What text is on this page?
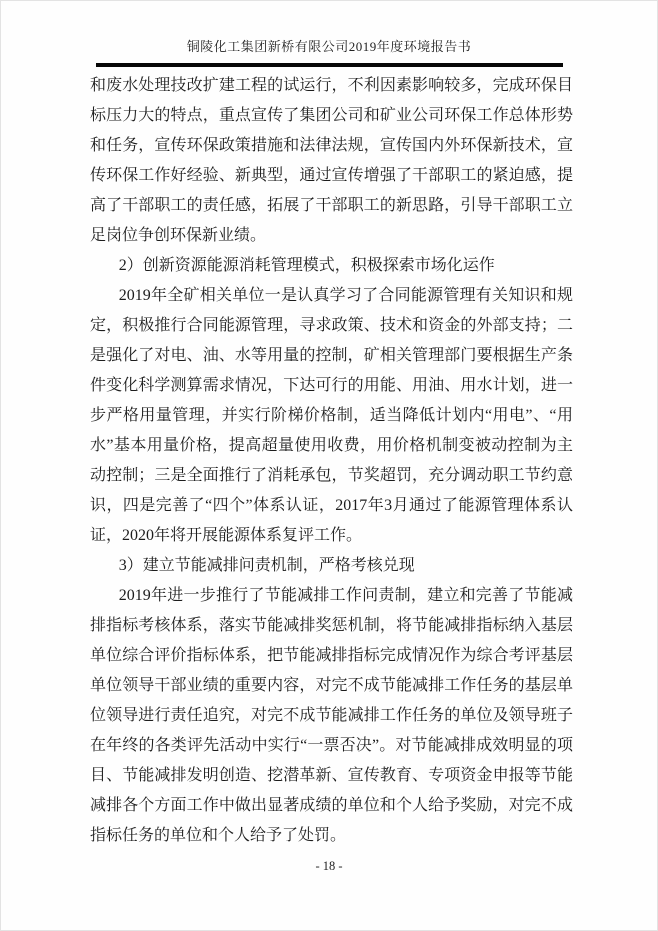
铜陵化工集团新桥有限公司2019年度环境报告书

和废水处理技改扩建工程的试运行，不利因素影响较多，完成环保目标压力大的特点，重点宣传了集团公司和矿业公司环保工作总体形势和任务，宣传环保政策措施和法律法规，宣传国内外环保新技术，宣传环保工作好经验、新典型，通过宣传增强了干部职工的紧迫感，提高了干部职工的责任感，拓展了干部职工的新思路，引导干部职工立足岗位争创环保新业绩。

2）创新资源能源消耗管理模式，积极探索市场化运作

2019年全矿相关单位一是认真学习了合同能源管理有关知识和规定，积极推行合同能源管理，寻求政策、技术和资金的外部支持；二是强化了对电、油、水等用量的控制，矿相关管理部门要根据生产条件变化科学测算需求情况，下达可行的用能、用油、用水计划，进一步严格用量管理，并实行阶梯价格制，适当降低计划内“用电”、“用水”基本用量价格，提高超量使用收费，用价格机制变被动控制为主动控制；三是全面推行了消耗承包，节奖超罚，充分调动职工节约意识，四是完善了“四个”体系认证，2017年3月通过了能源管理体系认证，2020年将开展能源体系复评工作。

3）建立节能减排问责机制，严格考核兑现

2019年进一步推行了节能减排工作问责制，建立和完善了节能减排指标考核体系，落实节能减排奖惩机制，将节能减排指标纳入基层单位综合评价指标体系，把节能减排指标完成情况作为综合考评基层单位领导干部业绩的重要内容，对完不成节能减排工作任务的基层单位领导进行责任追究，对完不成节能减排工作任务的单位及领导班子在年终的各类评先活动中实行“一票否决”。对节能减排成效明显的项目、节能减排发明创造、挖潜革新、宣传教育、专项资金申报等节能减排各个方面工作中做出显著成绩的单位和个人给予奖励，对完不成指标任务的单位和个人给予了处罚。

- 18 -
